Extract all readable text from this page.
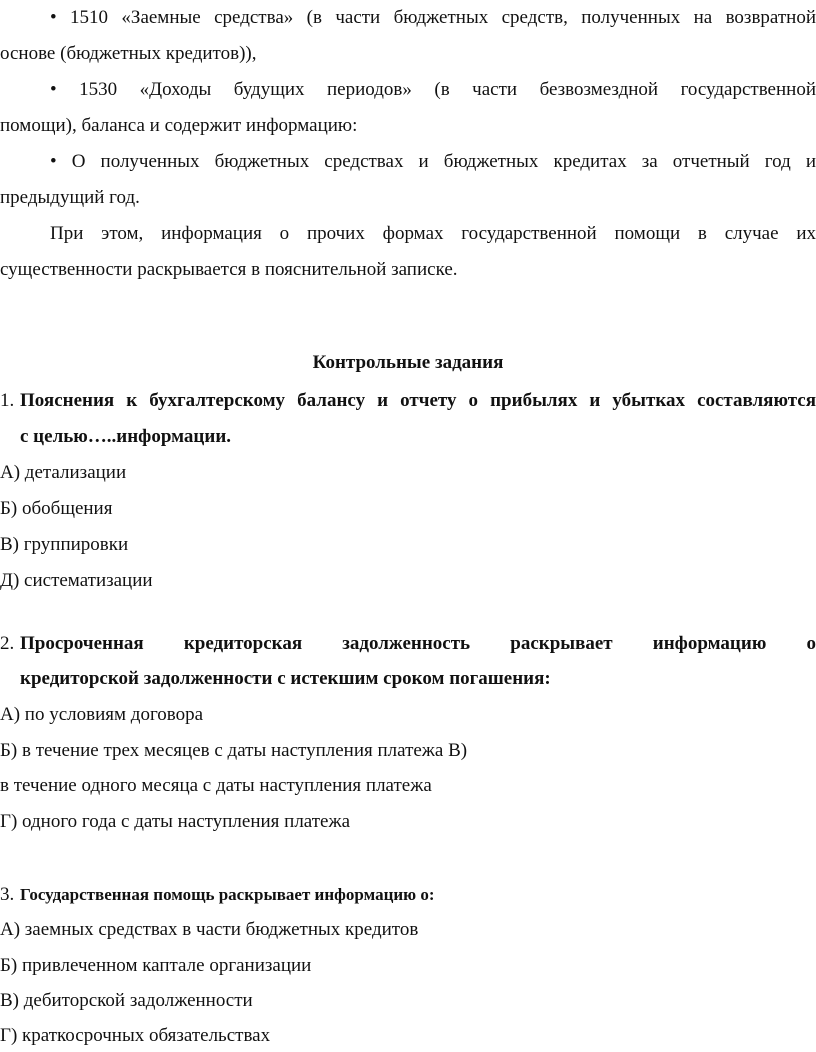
• 1510 «Заемные средства» (в части бюджетных средств, полученных на возвратной
основе (бюджетных кредитов)),
• 1530 «Доходы будущих периодов» (в части безвозмездной государственной
помощи), баланса и содержит информацию:
• О полученных бюджетных средствах и бюджетных кредитах за отчетный год и
предыдущий год.
При этом, информация о прочих формах государственной помощи в случае их
существенности раскрывается в пояснительной записке.
Контрольные задания
1. Пояснения к бухгалтерскому балансу и отчету о прибылях и убытках составляются
с целью…..информации.
А) детализации
Б) обобщения
В) группировки
Д) систематизации
2. Просроченная   кредиторская   задолженность   раскрывает   информацию   о
кредиторской задолженности с истекшим сроком погашения:
А) по условиям договора
Б) в течение трех месяцев с даты наступления платежа В)
в течение одного месяца с даты наступления платежа
Г) одного года с даты наступления платежа
3. Государственная помощь раскрывает информацию о:
А) заемных средствах в части бюджетных кредитов
Б) привлеченном каптале организации
В) дебиторской задолженности
Г) краткосрочных обязательствах
